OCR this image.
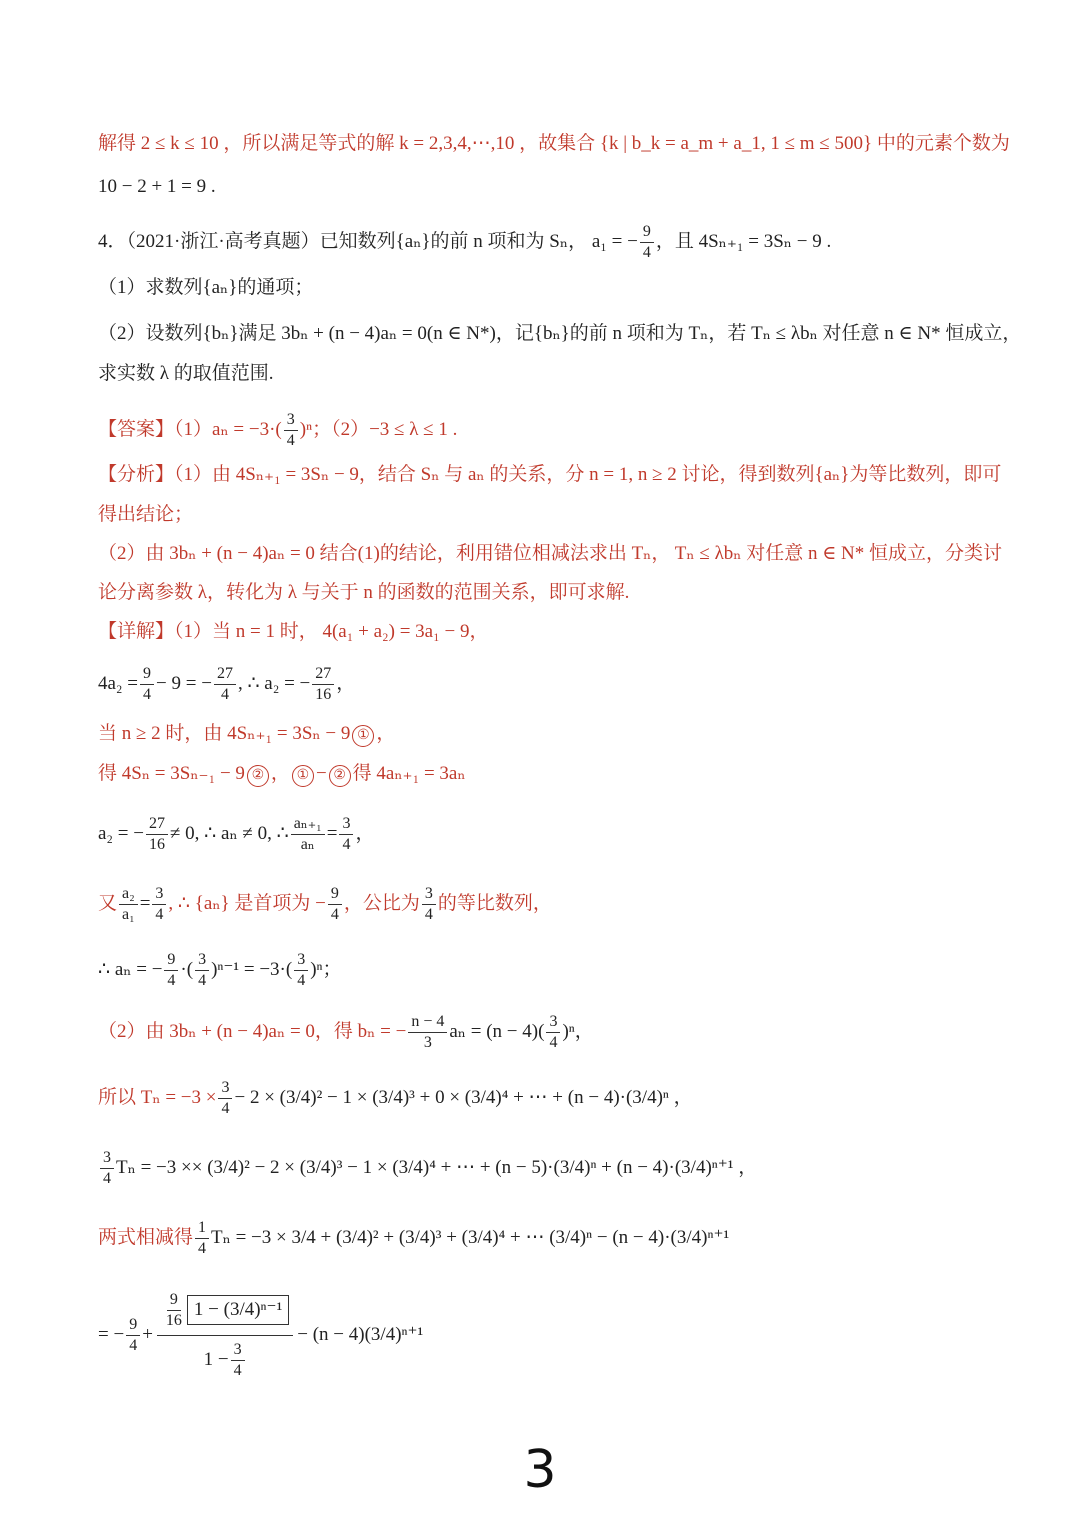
解得 2 ≤ k ≤ 10 ，所以满足等式的解 k = 2,3,4,⋯,10 ，故集合 {k | b_k = a_m + a_1, 1 ≤ m ≤ 500} 中的元素个数为
10 − 2 + 1 = 9 .
4．（2021·浙江·高考真题）已知数列{aₙ}的前 n 项和为 Sₙ， a₁ = − $\frac{9}{4}$ ，且 4Sₙ₊₁ = 3Sₙ − 9 .
（1）求数列{aₙ}的通项；
（2）设数列{bₙ}满足 3bₙ + (n − 4)aₙ = 0(n ∈ N*)，记{bₙ}的前 n 项和为 Tₙ，若 Tₙ ≤ λbₙ 对任意 n ∈ N* 恒成立，
求实数 λ 的取值范围.
【答案】$(1)a_n = -3\cdot( \frac{3}{4} )^n$；（2）−3 ≤ λ ≤ 1 .
【分析】（1）由 4Sₙ₊₁ = 3Sₙ − 9，结合 Sₙ 与 aₙ 的关系，分 n = 1, n ≥ 2 讨论，得到数列{aₙ}为等比数列，即可
得出结论；
（2）由 3bₙ + (n − 4)aₙ = 0 结合(1)的结论，利用错位相减法求出 Tₙ， Tₙ ≤ λbₙ 对任意 n ∈ N* 恒成立，分类讨
论分离参数 λ，转化为 λ 与关于 n 的函数的范围关系，即可求解.
【详解】（1）当 n = 1 时， 4(a₁ + a₂) = 3a₁ − 9，
$4a_2 = \frac{9}{4} - 9$ = − $\frac{27}{4}$ , ∴ a₂ = − $\frac{27}{16}$ ，
当 n ≥ 2 时，由 4Sₙ₊₁ = 3Sₙ − 9 ① ，
得 4Sₙ = 3Sₙ₋₁ − 9 ② ， ① − ② 得 4aₙ₊₁ = 3aₙ
a₂ = − $\frac{27}{16} \ne 0$, ∴ aₙ ≠ 0, ∴ $\frac{\text{aₙ₊₁}}{\text{aₙ}} = \frac{3}{4}$ ，
又 $\frac{\text{a₂}}{\text{a₁}} = \frac{3}{4}$ , ∴ {aₙ} 是首项为 − $\frac{9}{4}$ ，公比为 $\frac{3}{4}$ 的等比数列，
∴ aₙ = − $\frac{9}{4}$ ·( $\frac{3}{4} )^{n-1} = -3\cdot( \frac{3}{4} )^n$；
（2）由 3bₙ + (n − 4)aₙ = 0，得 bₙ = − $\frac{n - 4}{3}$ $a_n = (n - 4)( \frac{3}{4} )^n$，
所以 $T_n = -3 \times \frac{3}{4} - 2 \times (3/4)^2 - 1 \times (3/4)^3 + 0 \times (3/4)^4$ + ⋯ + (n − 4)·(3/4)ⁿ ，
$\frac{3}{4}$ Tₙ = −3 ×× (3/4)² − 2 × (3/4)³ − 1 × (3/4)⁴ + ⋯ + (n − 5)·(3/4)ⁿ + (n − 4)·(3/4)ⁿ⁺¹ ，
两式相减得 $\frac{1}{4}$ Tₙ = −3 × 3/4 + (3/4)² + (3/4)³ + (3/4)⁴ + ⋯ (3/4)ⁿ − (n − 4)·(3/4)ⁿ⁺¹
= − $\frac{9}{4} + \frac{\frac{9}{16} 1 - (3/4)^{n-1}}{1 - \frac{3}{4}} - (n - 4)(3/4)^{n+1}$
3
